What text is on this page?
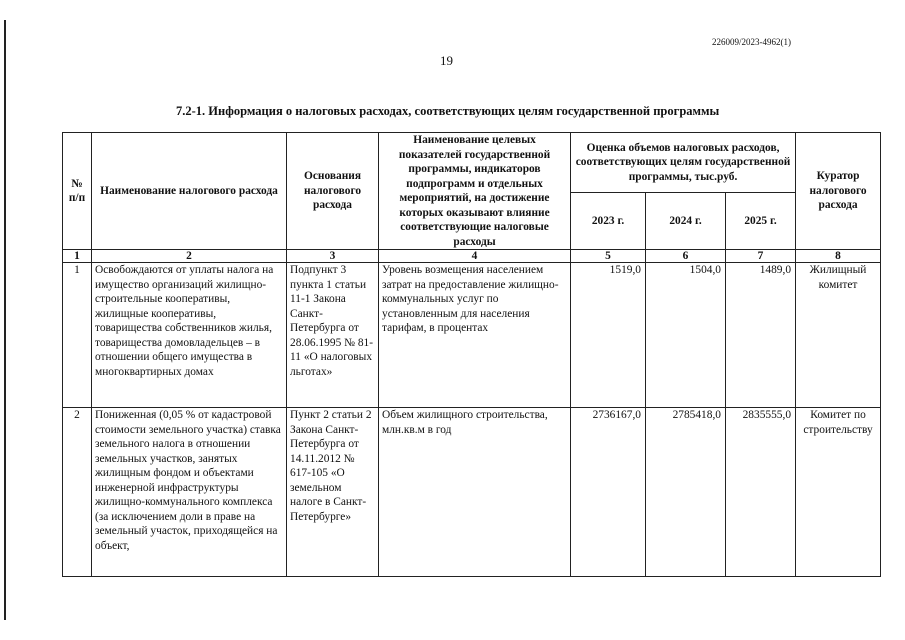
226009/2023-4962(1)
19
7.2-1. Информация о налоговых расходах, соответствующих целям государственной программы
№ п/п	Наименование налогового расхода	Основания налогового расхода	Наименование целевых показателей государственной программы, индикаторов подпрограмм и отдельных мероприятий, на достижение которых оказывают влияние соответствующие налоговые расходы	Оценка объемов налоговых расходов, соответствующих целям государственной программы, тыс.руб.			Куратор налогового расхода
				2023 г.	2024 г.	2025 г.	
1	2	3	4	5	6	7	8
1	Освобождаются от уплаты налога на имущество организаций жилищно-строительные кооперативы, жилищные кооперативы, товарищества собственников жилья, товарищества домовладельцев – в отношении общего имущества в многоквартирных домах	Подпункт 3 пункта 1 статьи 11-1 Закона Санкт-Петербурга от 28.06.1995 № 81-11 «О налоговых льготах»	Уровень возмещения населением затрат на предоставление жилищно-коммунальных услуг по установленным для населения тарифам, в процентах	1519,0	1504,0	1489,0	Жилищный комитет
2	Пониженная (0,05 % от кадастровой стоимости земельного участка) ставка земельного налога в отношении земельных участков, занятых жилищным фондом и объектами инженерной инфраструктуры жилищно-коммунального комплекса (за исключением доли в праве на земельный участок, приходящейся на объект,	Пункт 2 статьи 2 Закона Санкт-Петербурга от 14.11.2012 № 617-105 «О земельном налоге в Санкт-Петербурге»	Объем жилищного строительства, млн.кв.м в год	2736167,0	2785418,0	2835555,0	Комитет по строительству
